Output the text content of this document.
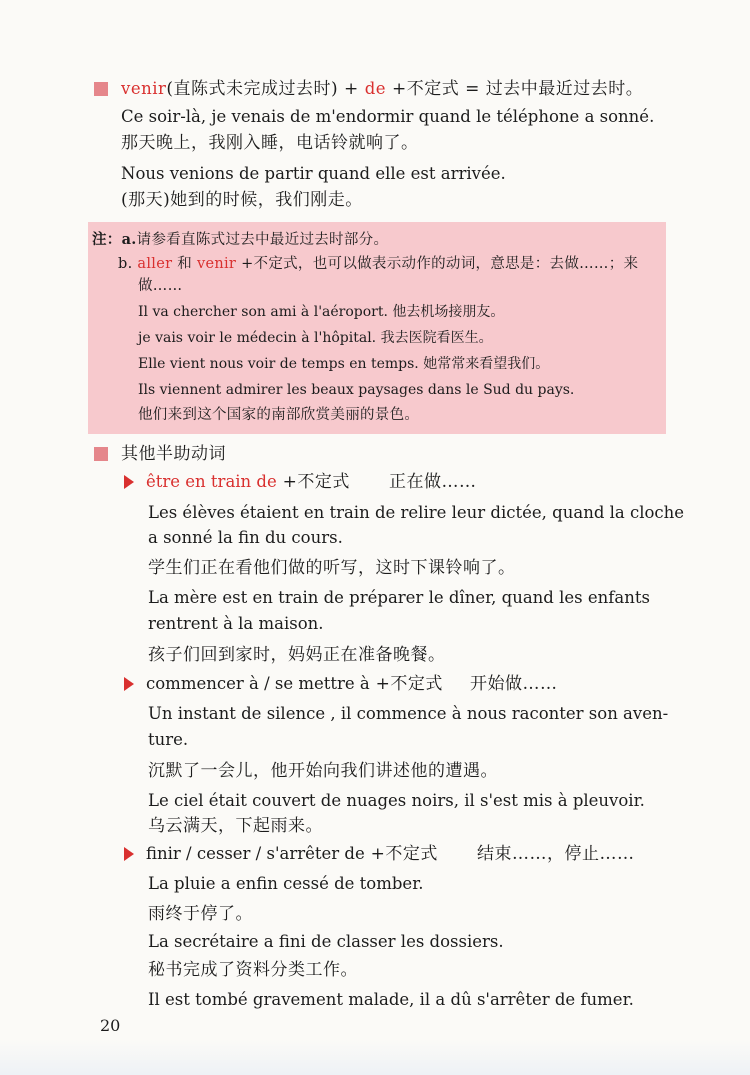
venir(直陈式未完成过去时) + de +不定式 = 过去中最近过去时。
Ce soir-là, je venais de m'endormir quand le téléphone a sonné.
那天晚上，我刚入睡，电话铃就响了。
Nous venions de partir quand elle est arrivée.
(那天)她到的时候，我们刚走。
注：a.请参看直陈式过去中最近过去时部分。
b. aller 和 venir +不定式，也可以做表示动作的动词，意思是：去做……；来
做……
Il va chercher son ami à l'aéroport. 他去机场接朋友。
je vais voir le médecin à l'hôpital. 我去医院看医生。
Elle vient nous voir de temps en temps. 她常常来看望我们。
Ils viennent admirer les beaux paysages dans le Sud du pays.
他们来到这个国家的南部欣赏美丽的景色。
其他半助动词
être en train de +不定式 正在做……
Les élèves étaient en train de relire leur dictée, quand la cloche
a sonné la fin du cours.
学生们正在看他们做的听写，这时下课铃响了。
La mère est en train de préparer le dîner, quand les enfants
rentrent à la maison.
孩子们回到家时，妈妈正在准备晚餐。
commencer à / se mettre à +不定式 开始做……
Un instant de silence , il commence à nous raconter son aven-
ture.
沉默了一会儿，他开始向我们讲述他的遭遇。
Le ciel était couvert de nuages noirs, il s'est mis à pleuvoir.
乌云满天，下起雨来。
finir / cesser / s'arrêter de +不定式 结束……，停止……
La pluie a enfin cessé de tomber.
雨终于停了。
La secrétaire a fini de classer les dossiers.
秘书完成了资料分类工作。
Il est tombé gravement malade, il a dû s'arrêter de fumer.
20
